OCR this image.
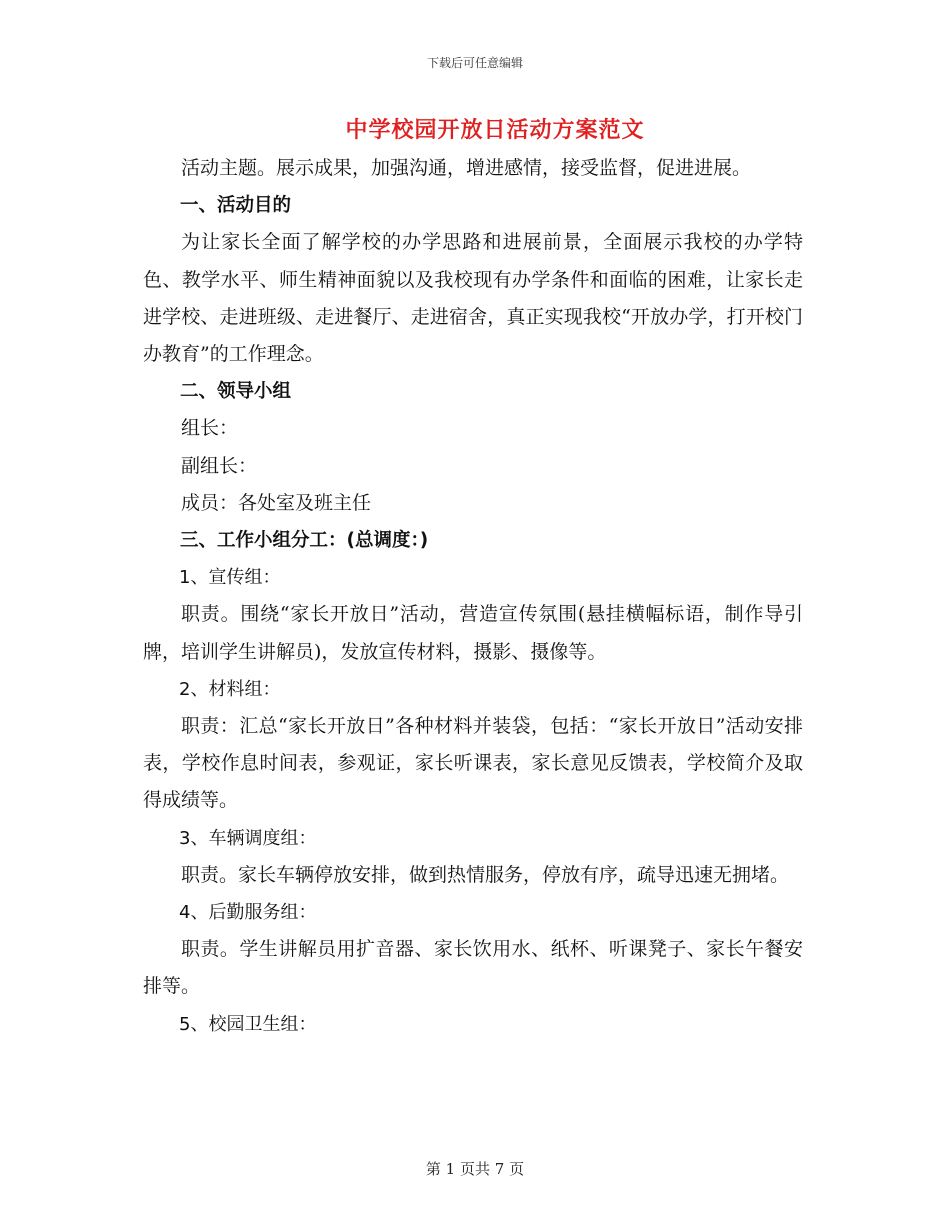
下载后可任意编辑
中学校园开放日活动方案范文

活动主题。展示成果，加强沟通，增进感情，接受监督，促进进展。

一、活动目的

为让家长全面了解学校的办学思路和进展前景，全面展示我校的办学特色、教学水平、师生精神面貌以及我校现有办学条件和面临的困难，让家长走进学校、走进班级、走进餐厅、走进宿舍，真正实现我校“开放办学，打开校门办教育”的工作理念。

二、领导小组

组长：

副组长：

成员：各处室及班主任

三、工作小组分工：(总调度：)

1、宣传组：

职责。围绕“家长开放日”活动，营造宣传氛围(悬挂横幅标语，制作导引牌，培训学生讲解员)，发放宣传材料，摄影、摄像等。

2、材料组：

职责：汇总“家长开放日”各种材料并装袋，包括：“家长开放日”活动安排表，学校作息时间表，参观证，家长听课表，家长意见反馈表，学校简介及取得成绩等。

3、车辆调度组：

职责。家长车辆停放安排，做到热情服务，停放有序，疏导迅速无拥堵。

4、后勤服务组：

职责。学生讲解员用扩音器、家长饮用水、纸杯、听课凳子、家长午餐安排等。

5、校园卫生组：

第 1 页共 7 页
